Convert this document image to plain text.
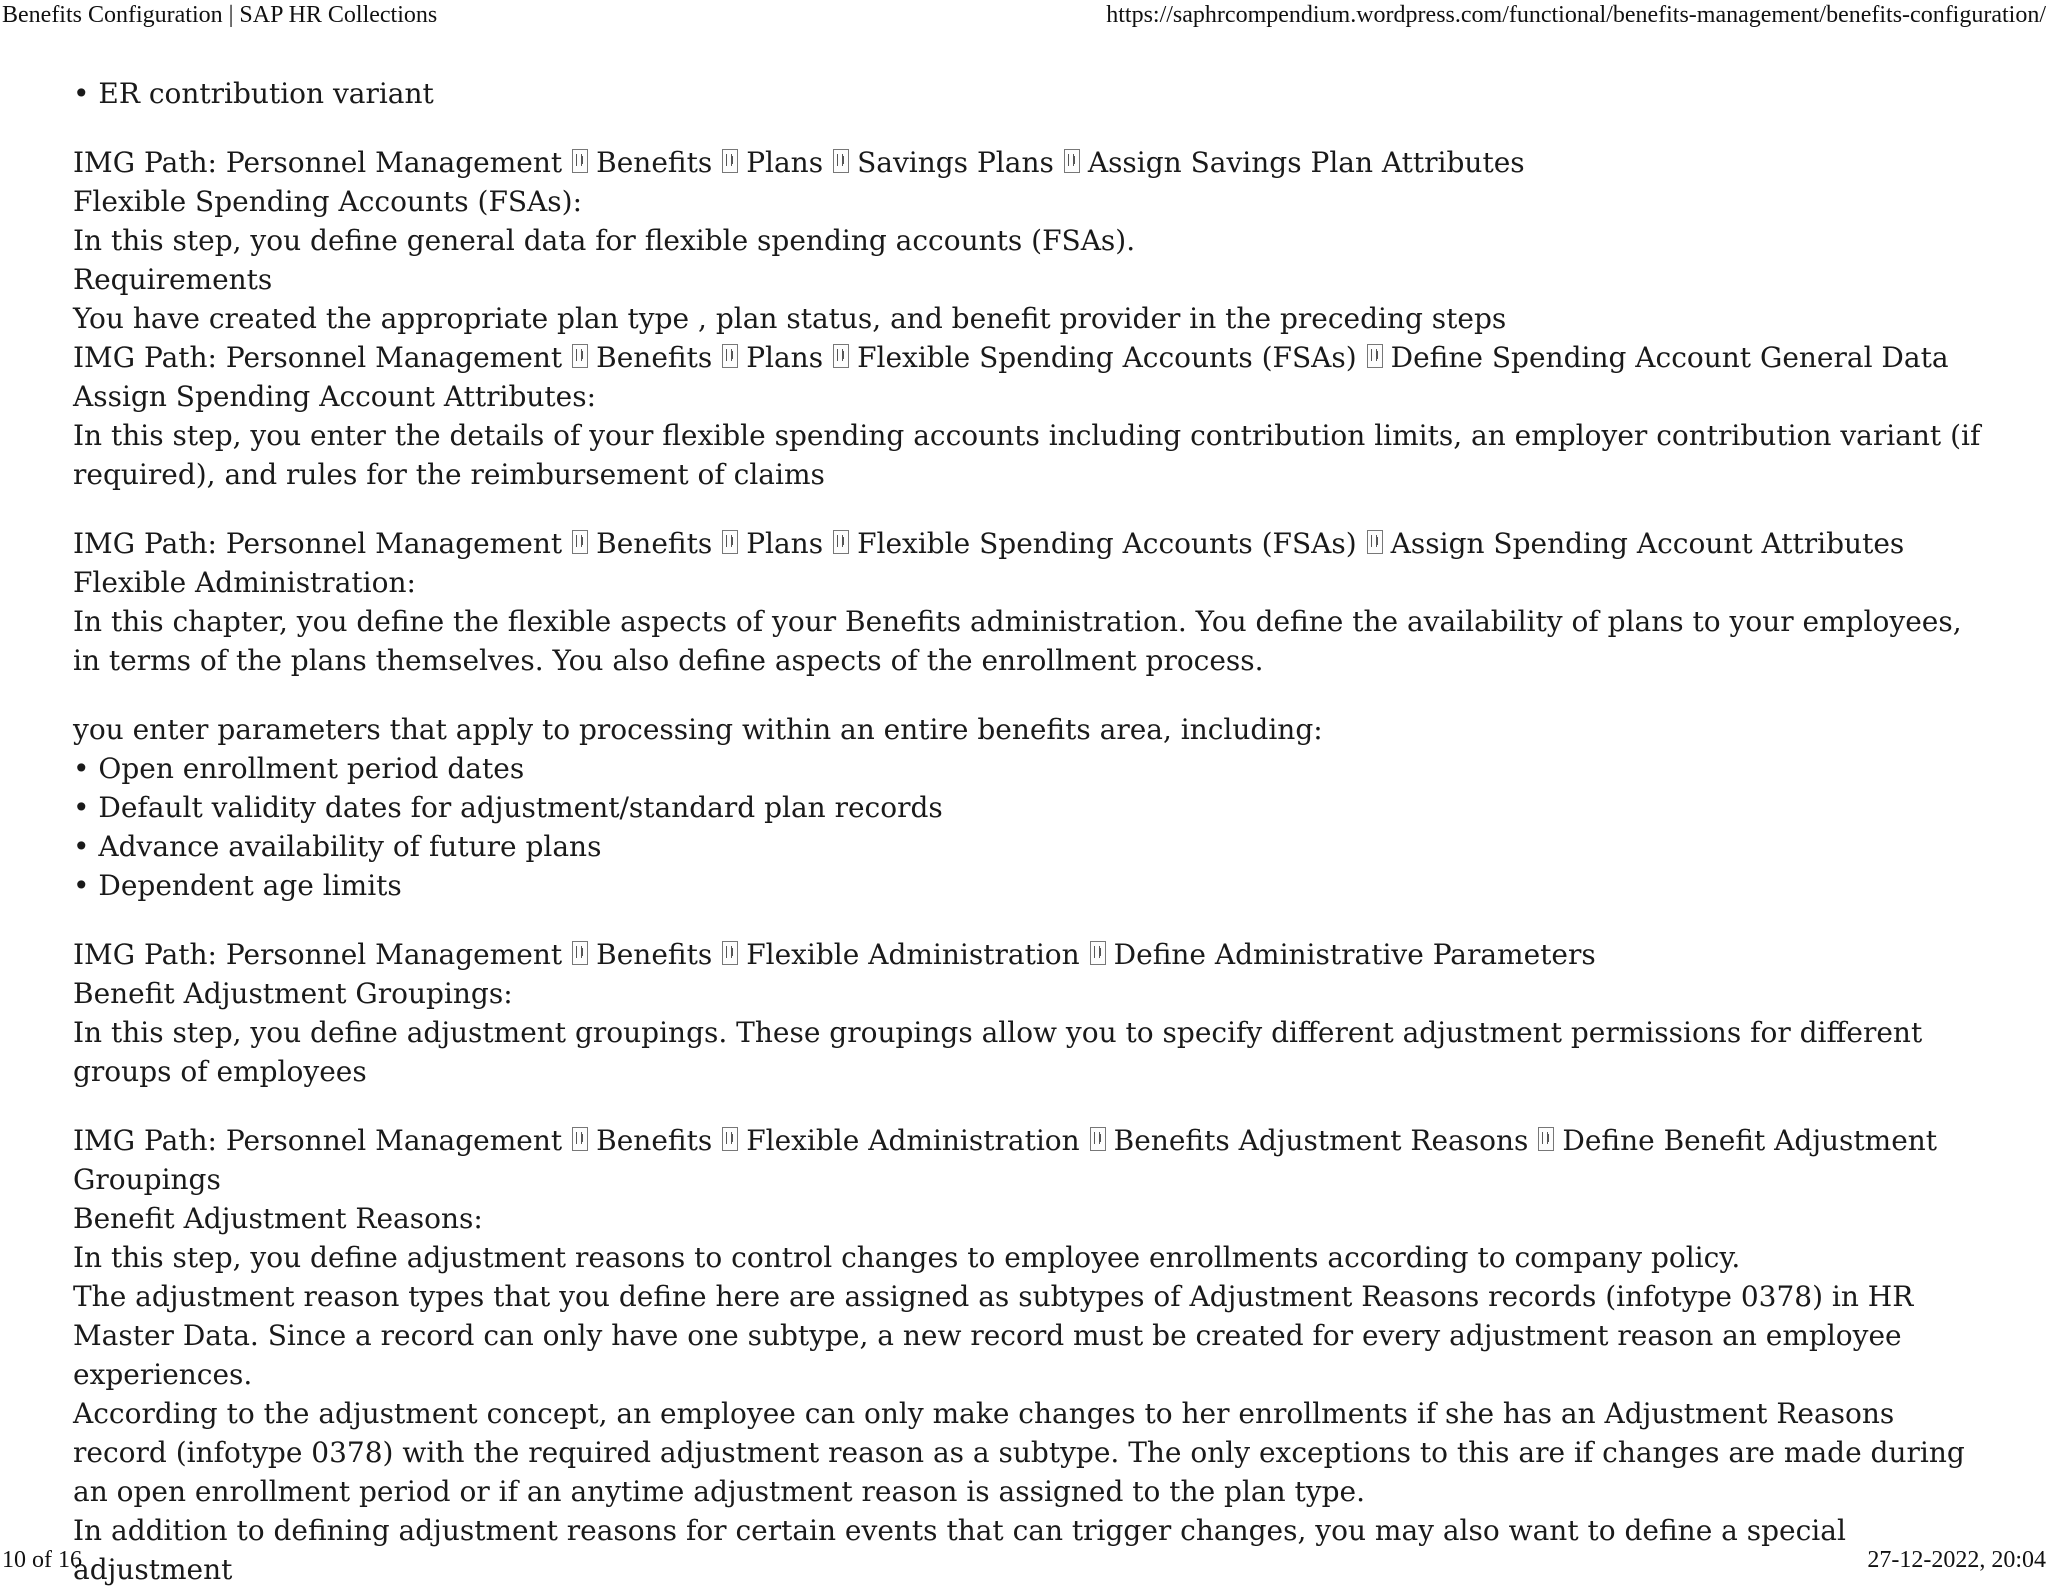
Benefits Configuration | SAP HR Collections	https://saphrcompendium.wordpress.com/functional/benefits-management/benefits-configuration/

• ER contribution variant

IMG Path: Personnel Management Benefits Plans Savings Plans Assign Savings Plan Attributes

Flexible Spending Accounts (FSAs):

In this step, you define general data for flexible spending accounts (FSAs).

Requirements

You have created the appropriate plan type , plan status, and benefit provider in the preceding steps

IMG Path: Personnel Management Benefits Plans Flexible Spending Accounts (FSAs) Define Spending Account General Data

Assign Spending Account Attributes:

In this step, you enter the details of your flexible spending accounts including contribution limits, an employer contribution variant (if required), and rules for the reimbursement of claims

IMG Path: Personnel Management Benefits Plans Flexible Spending Accounts (FSAs) Assign Spending Account Attributes

Flexible Administration:

In this chapter, you define the flexible aspects of your Benefits administration. You define the availability of plans to your employees, in terms of the plans themselves. You also define aspects of the enrollment process.

you enter parameters that apply to processing within an entire benefits area, including:

• Open enrollment period dates

• Default validity dates for adjustment/standard plan records

• Advance availability of future plans

• Dependent age limits

IMG Path: Personnel Management Benefits Flexible Administration Define Administrative Parameters

Benefit Adjustment Groupings:

In this step, you define adjustment groupings. These groupings allow you to specify different adjustment permissions for different groups of employees

IMG Path: Personnel Management Benefits Flexible Administration Benefits Adjustment Reasons Define Benefit Adjustment Groupings

Benefit Adjustment Reasons:

In this step, you define adjustment reasons to control changes to employee enrollments according to company policy.

The adjustment reason types that you define here are assigned as subtypes of Adjustment Reasons records (infotype 0378) in HR Master Data. Since a record can only have one subtype, a new record must be created for every adjustment reason an employee experiences.

According to the adjustment concept, an employee can only make changes to her enrollments if she has an Adjustment Reasons record (infotype 0378) with the required adjustment reason as a subtype. The only exceptions to this are if changes are made during an open enrollment period or if an anytime adjustment reason is assigned to the plan type.

In addition to defining adjustment reasons for certain events that can trigger changes, you may also want to define a special adjustment

10 of 16	27-12-2022, 20:04
